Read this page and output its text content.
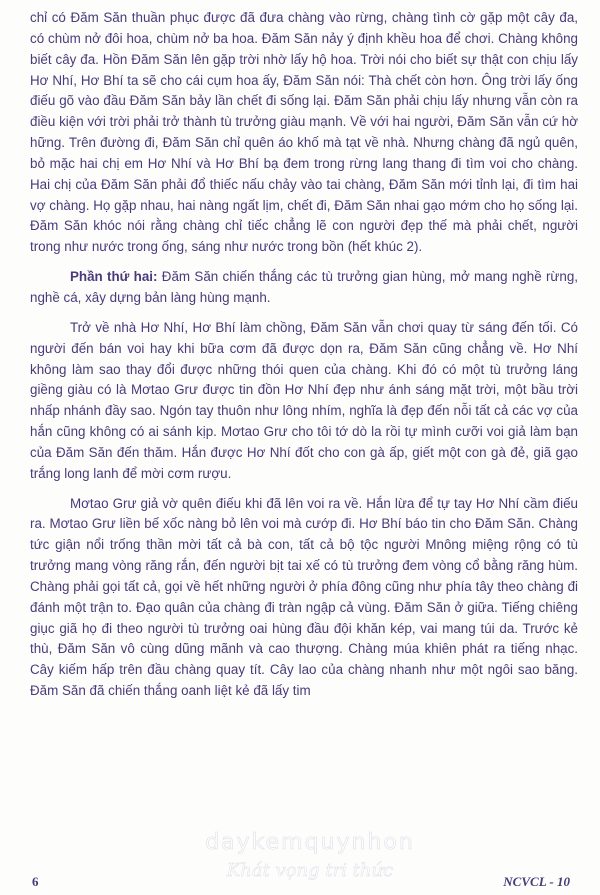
chỉ có Đăm Săn thuần phục được đã đưa chàng vào rừng, chàng tình cờ gặp một cây đa, có chùm nở đôi hoa, chùm nở ba hoa. Đăm Săn nảy ý định khều hoa để chơi. Chàng không biết cây đa. Hồn Đăm Săn lên gặp trời nhờ lấy hộ hoa. Trời nói cho biết sự thật con chịu lấy Hơ Nhí, Hơ Bhí ta sẽ cho cái cụm hoa ấy, Đăm Săn nói: Thà chết còn hơn. Ông trời lấy ống điếu gõ vào đầu Đăm Săn bảy lần chết đi sống lại. Đăm Săn phải chịu lấy nhưng vẫn còn ra điều kiện với trời phải trở thành tù trưởng giàu mạnh. Về với hai người, Đăm Săn vẫn cứ hờ hững. Trên đường đi, Đăm Săn chỉ quên áo khố mà tạt về nhà. Nhưng chàng đã ngủ quên, bỏ mặc hai chị em Hơ Nhí và Hơ Bhí bạ đem trong rừng lang thang đi tìm voi cho chàng. Hai chị của Đăm Săn phải đổ thiếc nấu chảy vào tai chàng, Đăm Săn mới tỉnh lại, đi tìm hai vợ chàng. Họ gặp nhau, hai nàng ngất lịm, chết đi, Đăm Săn nhai gạo mớm cho họ sống lại. Đăm Săn khóc nói rằng chàng chỉ tiếc chẳng lẽ con người đẹp thế mà phải chết, người trong như nước trong ống, sáng như nước trong bồn (hết khúc 2).

Phần thứ hai: Đăm Săn chiến thắng các tù trưởng gian hùng, mở mang nghề rừng, nghề cá, xây dựng bản làng hùng mạnh.

Trở về nhà Hơ Nhí, Hơ Bhí làm chồng, Đăm Săn vẫn chơi quay từ sáng đến tối. Có người đến bán voi hay khi bữa cơm đã được dọn ra, Đăm Săn cũng chẳng về. Hơ Nhí không làm sao thay đổi được những thói quen của chàng. Khi đó có một tù trưởng láng giềng giàu có là Mơtao Grư được tin đồn Hơ Nhí đẹp như ánh sáng mặt trời, một bầu trời nhấp nhánh đầy sao. Ngón tay thuôn như lông nhím, nghĩa là đẹp đến nỗi tất cả các vợ của hắn cũng không có ai sánh kịp. Mơtao Grư cho tôi tớ dò la rồi tự mình cưỡi voi giả làm bạn của Đăm Săn đến thăm. Hắn được Hơ Nhí đốt cho con gà ấp, giết một con gà đẻ, giã gạo trắng long lanh để mời cơm rượu.

Mơtao Grư giả vờ quên điếu khi đã lên voi ra về. Hắn lừa để tự tay Hơ Nhí cầm điếu ra. Mơtao Grư liền bế xốc nàng bỏ lên voi mà cướp đi. Hơ Bhí báo tin cho Đăm Săn. Chàng tức giận nổi trống thần mời tất cả bà con, tất cả bộ tộc người Mnông miệng rộng có tù trưởng mang vòng răng rắn, đến người bịt tai xế có tù trưởng đem vòng cổ bằng răng hùm. Chàng phải gọi tất cả, gọi về hết những người ở phía đông cũng như phía tây theo chàng đi đánh một trận to. Đạo quân của chàng đi tràn ngập cả vùng. Đăm Săn ở giữa. Tiếng chiêng giục giã họ đi theo người tù trưởng oai hùng đầu đội khăn kép, vai mang túi da. Trước kẻ thù, Đăm Săn vô cùng dũng mãnh và cao thượng. Chàng múa khiên phát ra tiếng nhạc. Cây kiếm hấp trên đầu chàng quay tít. Cây lao của chàng nhanh như một ngôi sao băng. Đăm Săn đã chiến thắng oanh liệt kẻ đã lấy tim

daykemquynhon
Khát vọng tri thức
6	NCVCL - 10
